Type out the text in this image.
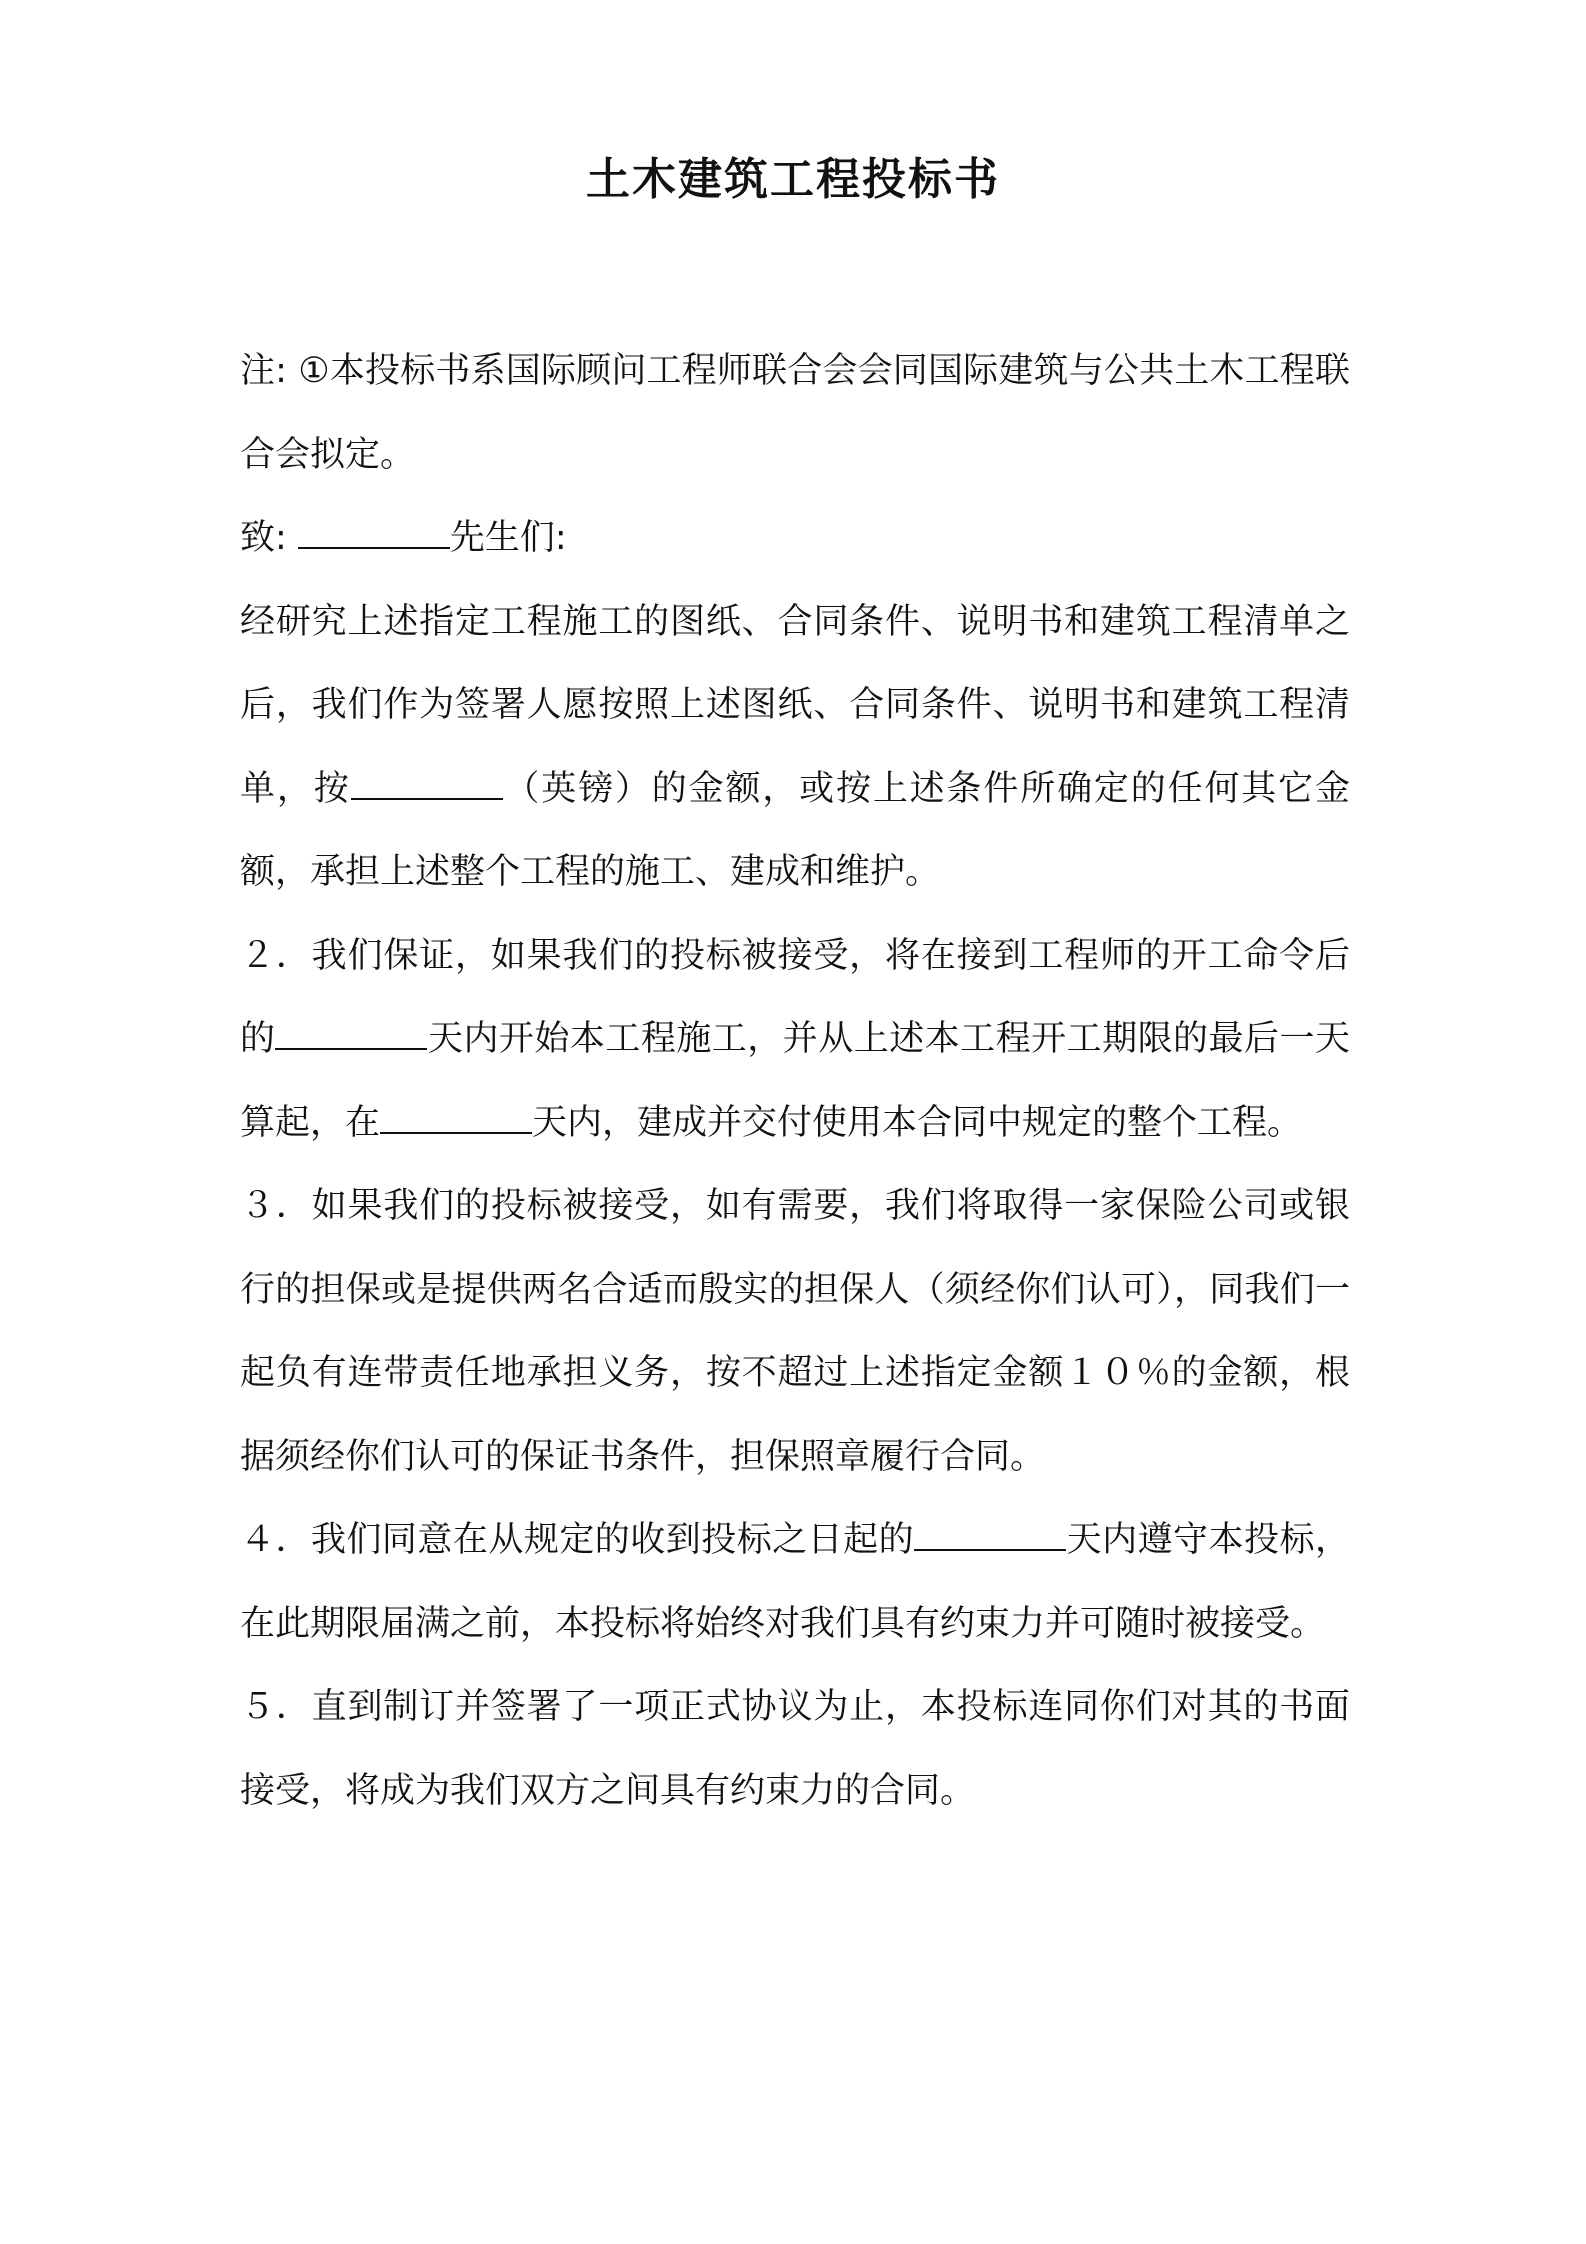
土木建筑工程投标书

注: ①本投标书系国际顾问工程师联合会会同国际建筑与公共土木工程联合会拟定。

致:	先生们:

经研究上述指定工程施工的图纸、合同条件、说明书和建筑工程清单之后，我们作为签署人愿按照上述图纸、合同条件、说明书和建筑工程清单，按	（英镑）的金额，或按上述条件所确定的任何其它金额，承担上述整个工程的施工、建成和维护。

２．我们保证，如果我们的投标被接受，将在接到工程师的开工命令后的	天内开始本工程施工，并从上述本工程开工期限的最后一天算起，在	天内，建成并交付使用本合同中规定的整个工程。

３．如果我们的投标被接受，如有需要，我们将取得一家保险公司或银行的担保或是提供两名合适而殷实的担保人（须经你们认可），同我们一起负有连带责任地承担义务，按不超过上述指定金额１０％的金额，根据须经你们认可的保证书条件，担保照章履行合同。

４．我们同意在从规定的收到投标之日起的	天内遵守本投标，在此期限届满之前，本投标将始终对我们具有约束力并可随时被接受。

５．直到制订并签署了一项正式协议为止，本投标连同你们对其的书面接受，将成为我们双方之间具有约束力的合同。
